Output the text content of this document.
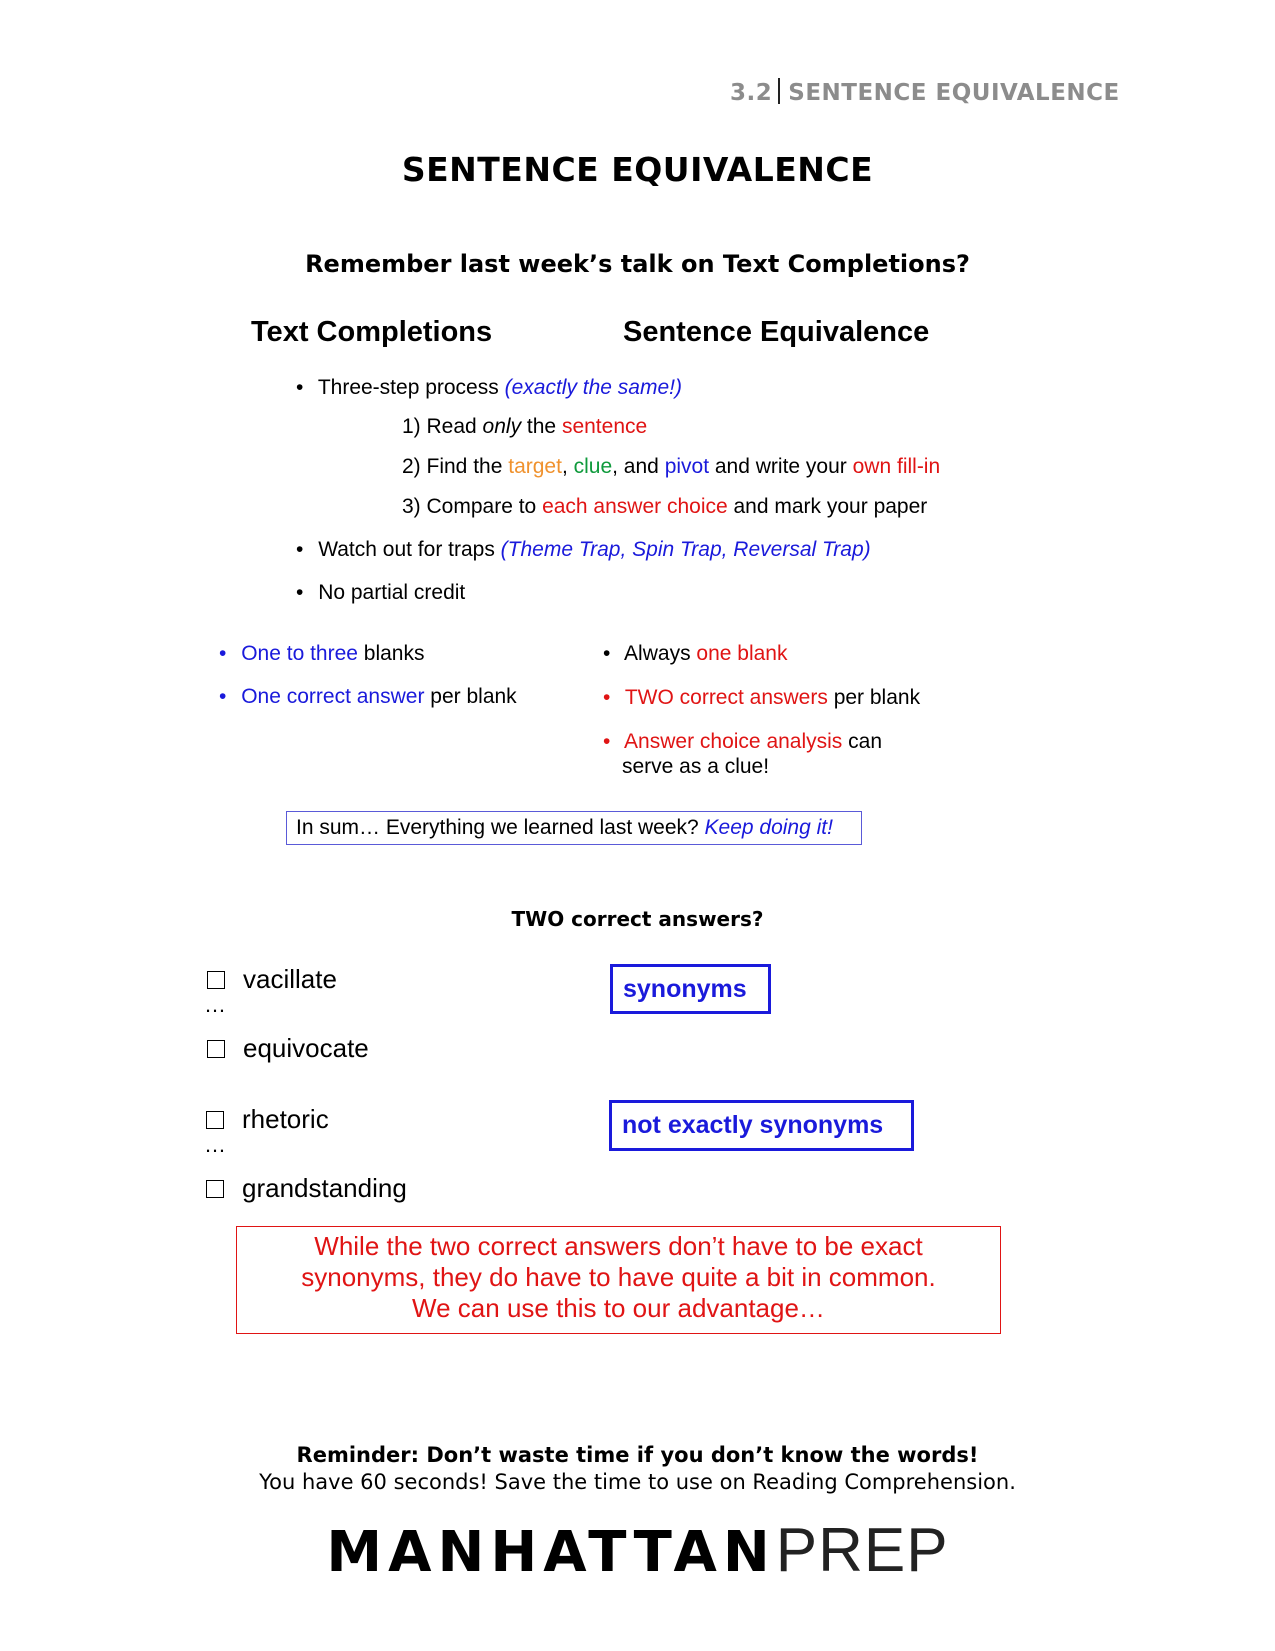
3.2 SENTENCE EQUIVALENCE
SENTENCE EQUIVALENCE
Remember last week’s talk on Text Completions?
Text Completions	Sentence Equivalence
• Three-step process (exactly the same!)
1) Read only the sentence
2) Find the target, clue, and pivot and write your own fill-in
3) Compare to each answer choice and mark your paper
• Watch out for traps (Theme Trap, Spin Trap, Reversal Trap)
• No partial credit
• One to three blanks
• One correct answer per blank
• Always one blank
• TWO correct answers per blank
• Answer choice analysis can
serve as a clue!
In sum… Everything we learned last week? Keep doing it!
TWO correct answers?
vacillate
…
equivocate
synonyms
rhetoric
…
grandstanding
not exactly synonyms
While the two correct answers don’t have to be exact
synonyms, they do have to have quite a bit in common.
We can use this to our advantage…
Reminder: Don’t waste time if you don’t know the words!
You have 60 seconds! Save the time to use on Reading Comprehension.
MANHATTANPREP
